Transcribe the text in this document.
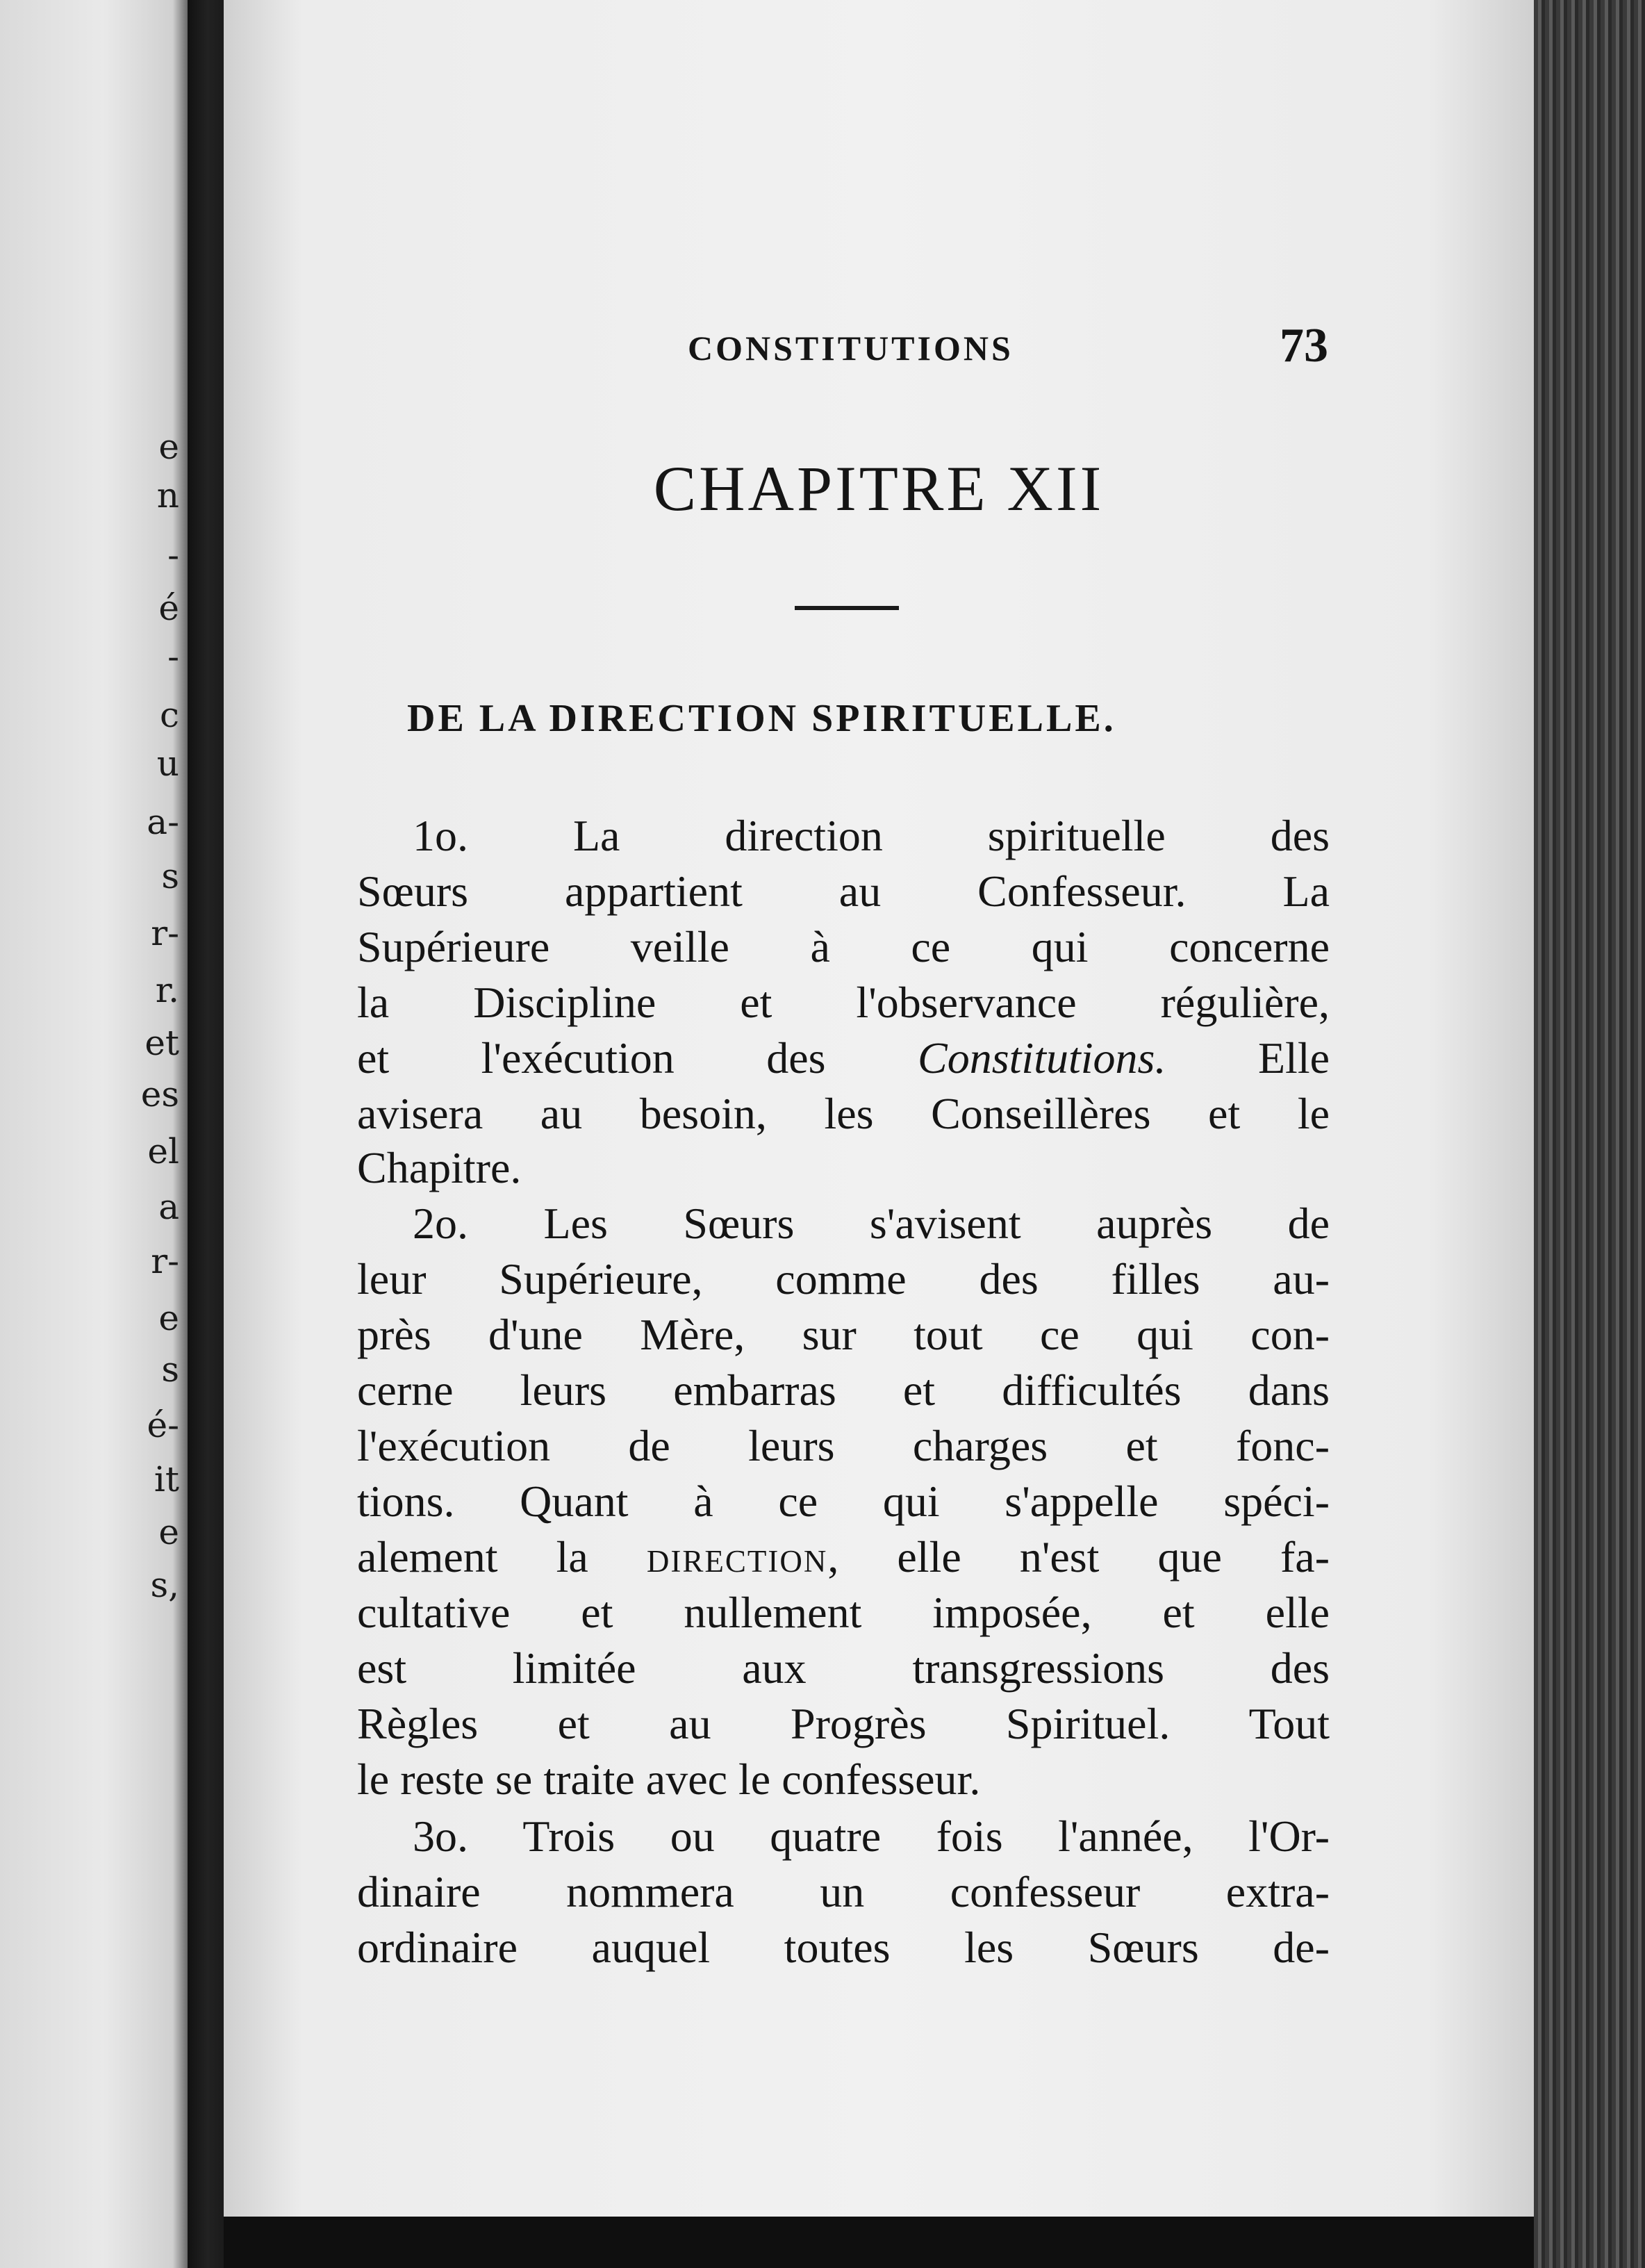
e
n
-
é
-
c
u
a-
s
r-
r.
et
es
el
a
r-
e
s
é-
it
e
s,
CONSTITUTIONS	73
CHAPITRE XII
DE LA DIRECTION SPIRITUELLE.
1o. La direction spirituelle des
Sœurs appartient au Confesseur. La
Supérieure veille à ce qui concerne
la Discipline et l'observance régulière,
et l'exécution des Constitutions. Elle
avisera au besoin, les Conseillères et le
Chapitre.
2o. Les Sœurs s'avisent auprès de
leur Supérieure, comme des filles au-
près d'une Mère, sur tout ce qui con-
cerne leurs embarras et difficultés dans
l'exécution de leurs charges et fonc-
tions. Quant à ce qui s'appelle spéci-
alement la direction, elle n'est que fa-
cultative et nullement imposée, et elle
est limitée aux transgressions des
Règles et au Progrès Spirituel. Tout
le reste se traite avec le confesseur.
3o. Trois ou quatre fois l'année, l'Or-
dinaire nommera un confesseur extra-
ordinaire auquel toutes les Sœurs de-
